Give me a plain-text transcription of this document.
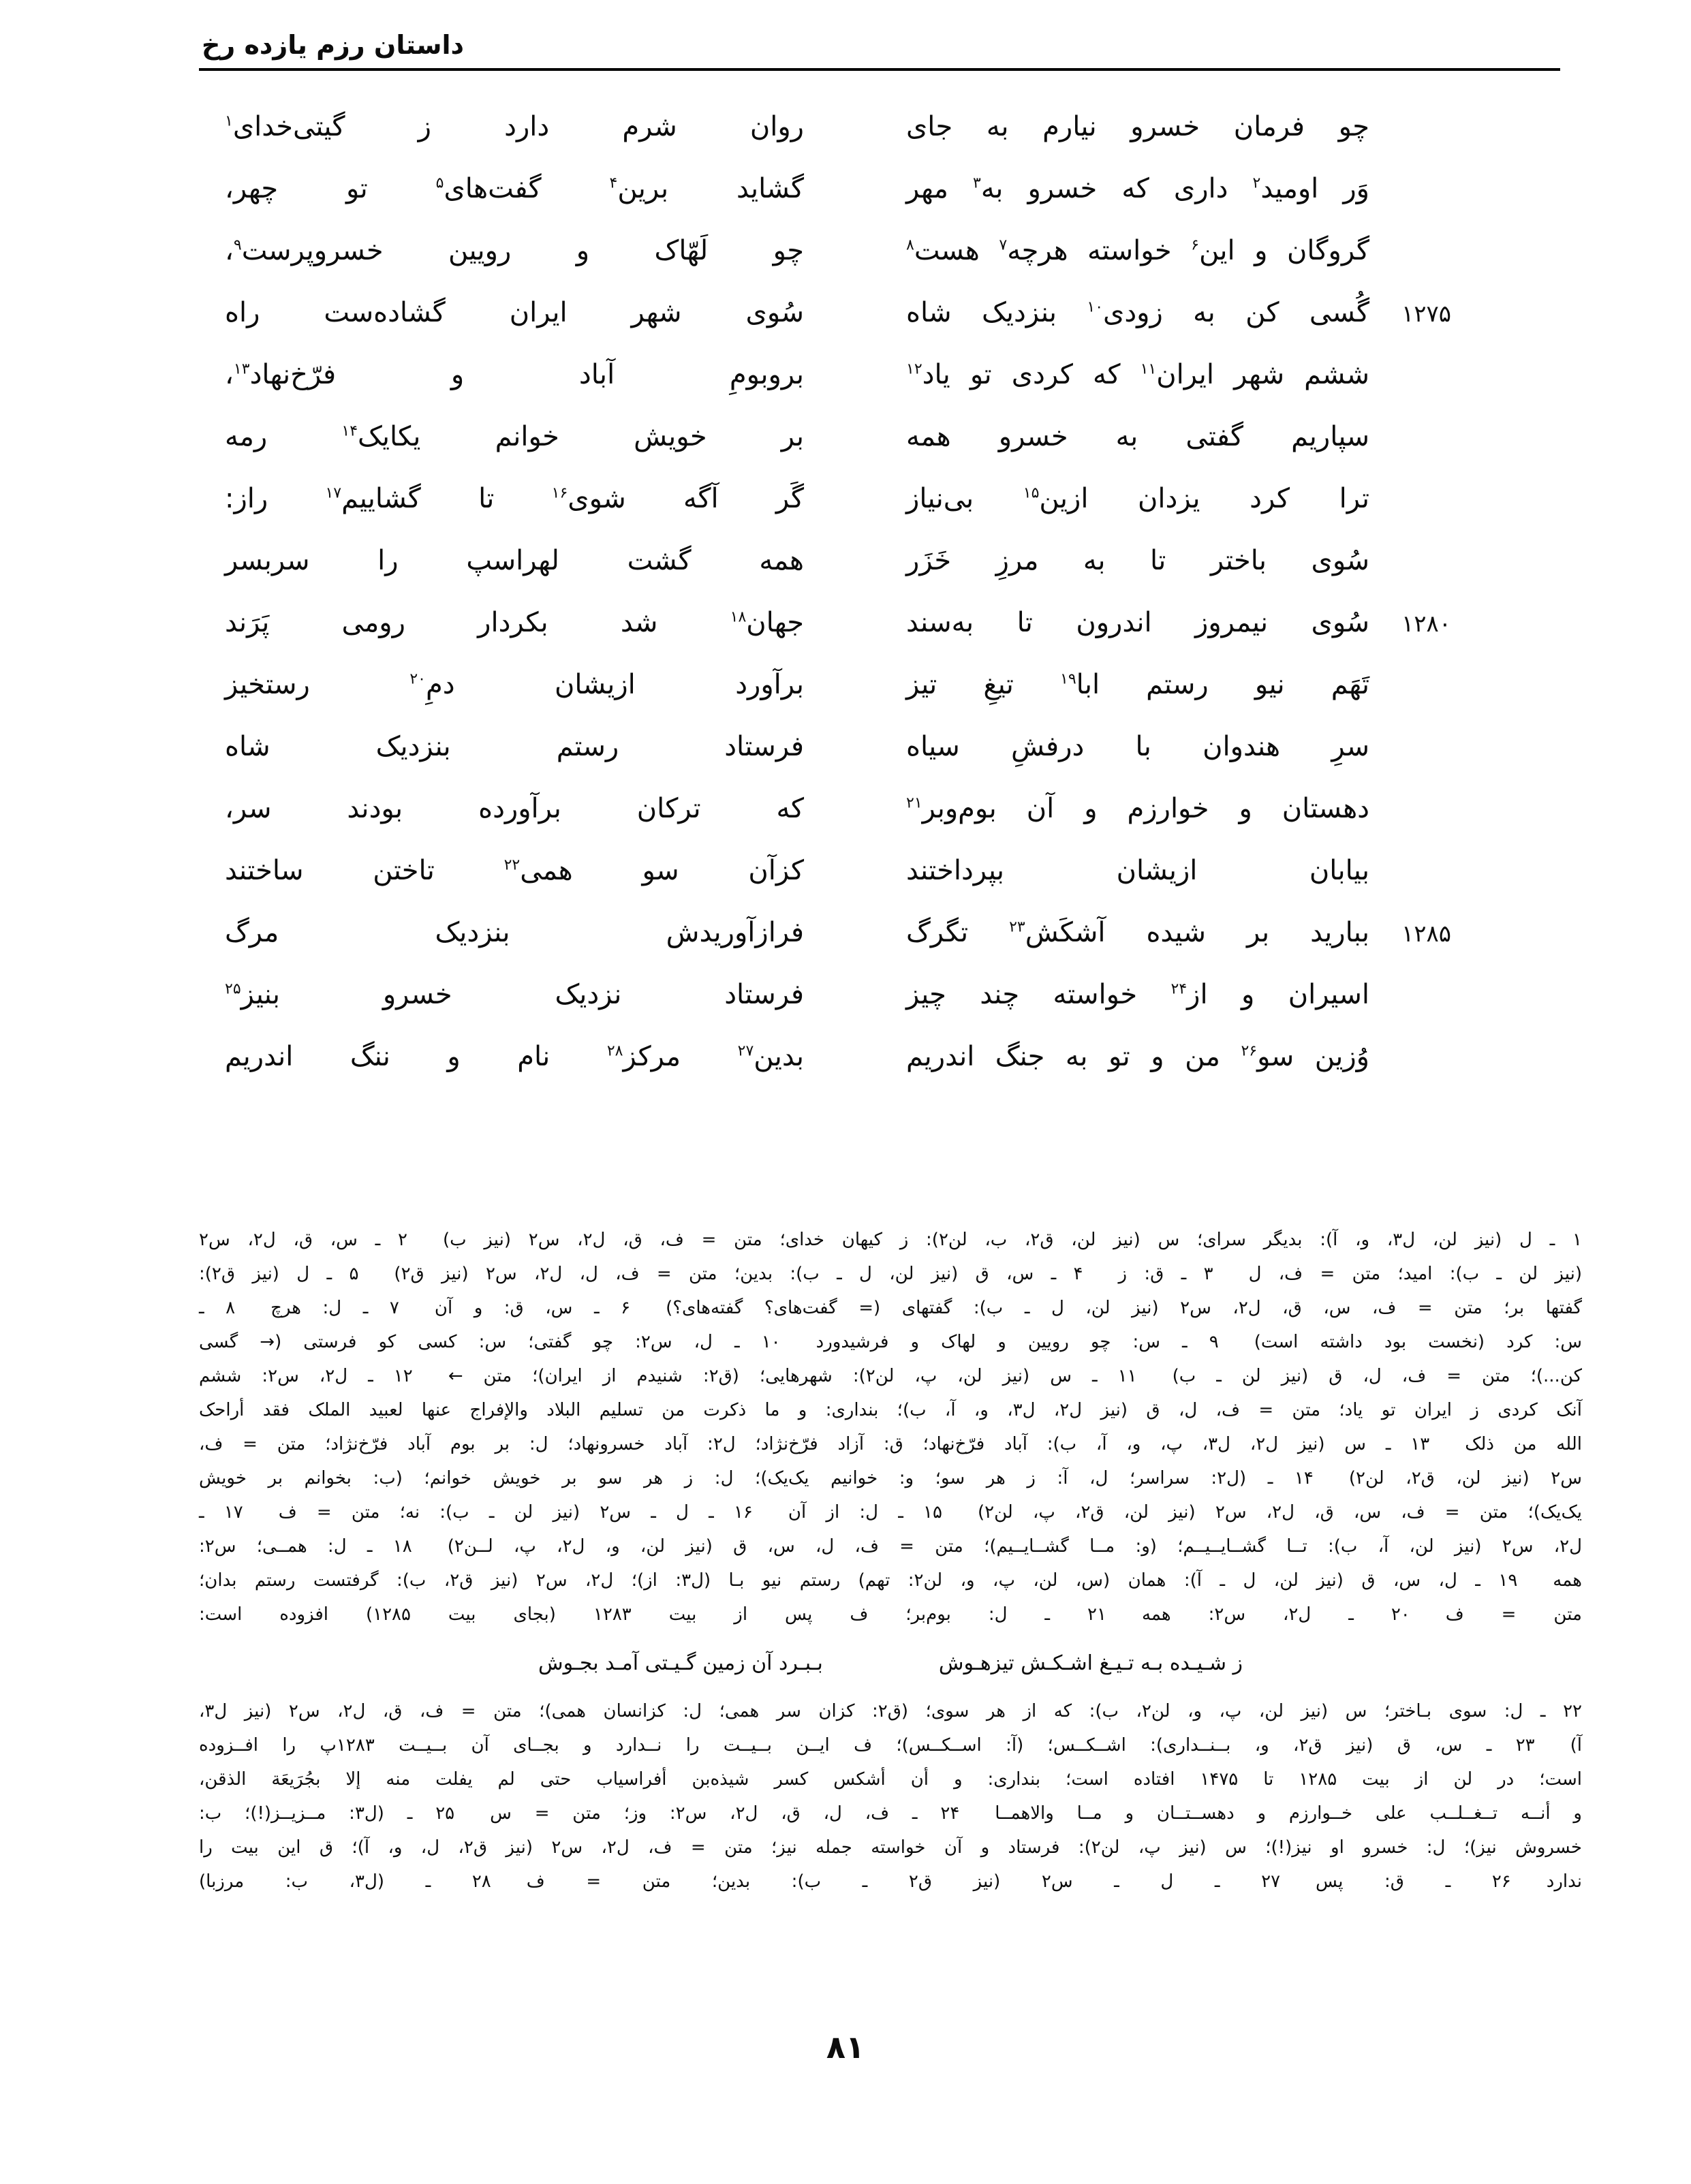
داستان رزم یازده رخ
چو فرمان خسرو نیارم به جای
روان شرم دارد ز گیتی‌خدای$^۱$
وَر اومید$^۲$ داری که خسرو به$^۳$ مهر
گشاید برین$^۴$ گفت‌های$^۵$ تو چهر،
گروگان و این$^۶$ خواسته هرچه$^۷$ هست$^۸$
چو لَهّاک و رویین خسروپرست$^۹$،
۱۲۷۵
گُسی کن به زودی$^{۱۰}$ بنزدیک شاه
سُوی شهر ایران گشاده‌ست راه
ششم شهر ایران$^{۱۱}$ که کردی تو یاد$^{۱۲}$
بروبومِ آباد و فرّخ‌نهاد$^{۱۳}$،
سپاریم گفتی به خسرو همه
بر خویش خوانم یکایک$^{۱۴}$ رمه
ترا کرد یزدان ازین$^{۱۵}$ بی‌نیاز
گَر آگه شوی$^{۱۶}$ تا گشاییم$^{۱۷}$ راز:
سُوی باختر تا به مرزِ خَزَر
همه گشت لهراسپ را سربسر
۱۲۸۰
سُوی نیمروز اندرون تا به‌سند
جهان$^{۱۸}$ شد بکردار رومی پَرَند
تَهَم نیو رستم ابا$^{۱۹}$ تیغِ تیز
برآورد ازیشان دمِ$^{۲۰}$ رستخیز
سرِ هندوان با درفشِ سیاه
فرستاد رستم بنزدیک شاه
دهستان و خوارزم و آن بوم‌وبر$^{۲۱}$
که ترکان برآورده بودند سر،
بیابان ازیشان بپرداختند
کزآن سو همی$^{۲۲}$ تاختن ساختند
۱۲۸۵
ببارید بر شیده آشکَش$^{۲۳}$ تگرگ
فرازآوریدش بنزدیک مرگ
اسیران و از$^{۲۴}$ خواسته چند چیز
فرستاد نزدیک خسرو بنیز$^{۲۵}$
وُزین سو$^{۲۶}$ من و تو به جنگ اندریم
بدین$^{۲۷}$ مرکز$^{۲۸}$ نام و ننگ اندریم
۱ ـ ل (نیز لن، ل۳، و، آ): بدیگر سرای؛ س (نیز لن، ق۲، ب، لن۲): ز کیهان خدای؛ متن = ف، ق، ل۲، س۲ (نیز ب)  ۲ ـ س، ق، ل۲، س۲
(نیز لن ـ ب): امید؛ متن = ف، ل  ۳ ـ ق: ز  ۴ ـ س، ق (نیز لن، ل ـ ب): بدین؛ متن = ف، ل، ل۲، س۲ (نیز ق۲)  ۵ ـ ل (نیز ق۲):
گفتها بر؛ متن = ف، س، ق، ل۲، س۲ (نیز لن، ل ـ ب): گفتهای (= گفت‌های؟ گفته‌های؟)  ۶ ـ س، ق: و آن  ۷ ـ ل: هرچ  ۸ ـ
س: کرد (نخست بود داشته است)  ۹ ـ س: چو رویین و لهاک و فرشیدورد  ۱۰ ـ ل، س۲: چو گفتی؛ س: کسی کو فرستی (→ گسی
کن...)؛ متن = ف، ل، ق (نیز لن ـ ب)  ۱۱ ـ س (نیز لن، پ، لن۲): شهرهایی؛ (ق۲: شنیدم از ایران)؛ متن ←  ۱۲ ـ ل۲، س۲: ششم
آنک کردی ز ایران تو یاد؛ متن = ف، ل، ق (نیز ل۲، ل۳، و، آ، ب)؛ بنداری: و ما ذکرت من تسلیم البلاد والإفراج عنها لعبید الملک فقد أراحک
الله من ذلک  ۱۳ ـ س (نیز ل۲، ل۳، پ، و، آ، ب): آباد فرّخ‌نهاد؛ ق: آزاد فرّخ‌نژاد؛ ل۲: آباد خسرونهاد؛ ل: بر بوم آباد فرّخ‌نژاد؛ متن = ف،
س۲ (نیز لن، ق۲، لن۲)  ۱۴ ـ (ل۲: سراسر؛ ل، آ: ز هر سو؛ و: خوانیم یک‌یک)؛ ل: ز هر سو بر خویش خوانم؛ (ب: بخوانم بر خویش
یک‌یک)؛ متن = ف، س، ق، ل۲، س۲ (نیز لن، ق۲، پ، لن۲)  ۱۵ ـ ل: از آن  ۱۶ ـ ل ـ س۲ (نیز لن ـ ب): نه؛ متن = ف  ۱۷ ـ
ل۲، س۲ (نیز لن، آ، ب): تــا گشــایــیــم؛ (و: مــا گشــایــیم)؛ متن = ف، ل، س، ق (نیز لن، و، ل۲، پ، لــن۲)  ۱۸ ـ ل: همــی؛ س۲:
همه  ۱۹ ـ ل، س، ق (نیز لن، ل ـ آ): همان (س، لن، پ، و، لن۲: تهم) رستم نیو بـا (ل۳: از)؛ ل۲، س۲ (نیز ق۲، ب): گرفتست رستم بدان؛
متن = ف  ۲۰ ـ ل۲، س۲: همه  ۲۱ ـ ل: بوم‌بر؛ ف پس از بیت ۱۲۸۳ (بجای بیت ۱۲۸۵) افزوده است:
ز شـیـده بـه تـیـغ اشـکـش تیزهـوش
بـبـرد آن زمین گـیـتی آمـد بجـوش
۲۲ ـ ل: سوی بـاختر؛ س (نیز لن، پ، و، لن۲، ب): که از هر سوی؛ (ق۲: کزان سر همی؛ ل: کزانسان همی)؛ متن = ف، ق، ل۲، س۲ (نیز ل۳،
آ)  ۲۳ ـ س، ق (نیز ق۲، و، بــنــداری): اشــکــس؛ (آ: اســکــس)؛ ف ایــن بــیــت را نــدارد و بجــای آن بــیــت ۱۲۸۳پ را افــزوده
است؛ در لن از بیت ۱۲۸۵ تا ۱۴۷۵ افتاده است؛ بنداری: و أن أشکس کسر شیذه‌بن أفراسیاب حتی لم یفلت منه إلا بجُرَیعَة الذقن،
و أنــه تــغــلــب علی خــوارزم و دهســتــان و مــا والاهمــا  ۲۴ ـ ف، ل، ق، ل۲، س۲: وز؛ متن = س  ۲۵ ـ (ل۳: مــزیــز(!)؛ ب:
خسروش نیز)؛ ل: خسرو او نیز(!)؛ س (نیز پ، لن۲): فرستاد و آن خواسته جمله نیز؛ متن = ف، ل۲، س۲ (نیز ق۲، ل، و، آ)؛ ق این بیت را
ندارد  ۲۶ ـ ق: پس  ۲۷ ـ ل ـ س۲ (نیز ق۲ ـ ب): بدین؛ متن = ف  ۲۸ ـ (ل۳، ب: مرزبا)
۸۱
